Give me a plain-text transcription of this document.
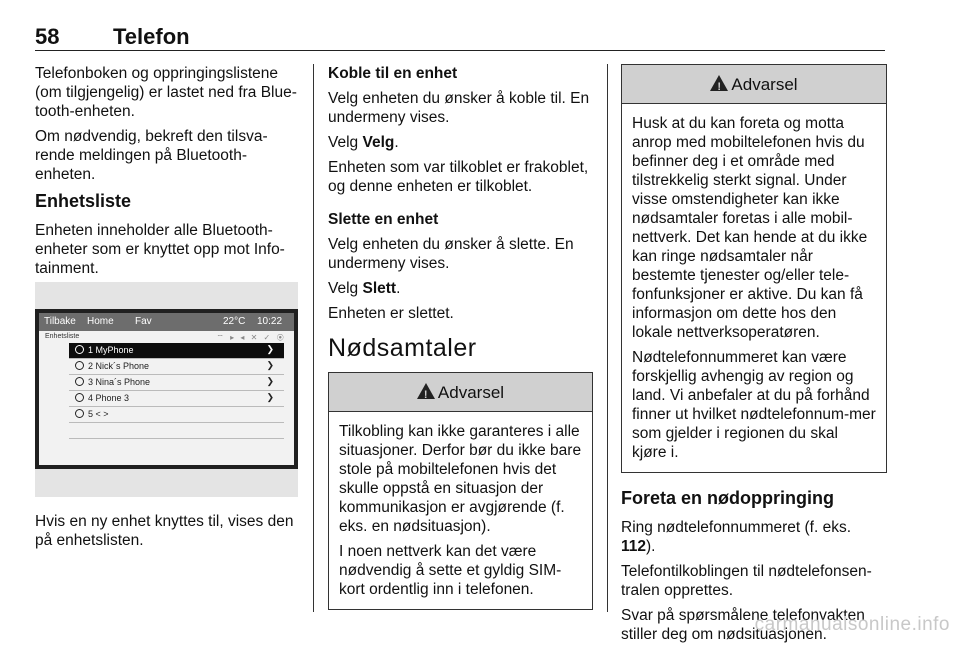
58 Telefon

Telefonboken og oppringingslistene (om tilgjengelig) er lastet ned fra Blue‐tooth-enheten.

Om nødvendig, bekreft den tilsva‐rende meldingen på Bluetooth-enheten.

Enhetsliste

Enheten inneholder alle Bluetooth-enheter som er knyttet opp mot Info‐tainment.

Tilbake Home Fav	22°C 10:22
Enhetsliste	⌔ ▸ ◂ ✕ ✓ ◉
1 MyPhone	❯
2 Nick´s Phone	❯
3 Nina´s Phone	❯
4 Phone 3	❯
5 < >

Hvis en ny enhet knyttes til, vises den på enhetslisten.

Koble til en enhet

Velg enheten du ønsker å koble til. En undermeny vises.

Velg Velg.

Enheten som var tilkoblet er frakoblet, og denne enheten er tilkoblet.

Slette en enhet

Velg enheten du ønsker å slette. En undermeny vises.

Velg Slett.

Enheten er slettet.

Nødsamtaler
!
Advarsel

Tilkobling kan ikke garanteres i alle situasjoner. Derfor bør du ikke bare stole på mobiltelefonen hvis det skulle oppstå en situasjon der kommunikasjon er avgjørende (f. eks. en nødsituasjon).

I noen nettverk kan det være nødvendig å sette et gyldig SIM-kort ordentlig inn i telefonen.

!
Advarsel

Husk at du kan foreta og motta anrop med mobiltelefonen hvis du befinner deg i et område med tilstrekkelig sterkt signal. Under visse omstendigheter kan ikke nødsamtaler foretas i alle mobil-nettverk. Det kan hende at du ikke kan ringe nødsamtaler når bestemte tjenester og/eller tele-fonfunksjoner er aktive. Du kan få informasjon om dette hos den lokale nettverksoperatøren.

Nødtelefonnummeret kan være forskjellig avhengig av region og land. Vi anbefaler at du på forhånd finner ut hvilket nødtelefonnum-mer som gjelder i regionen du skal kjøre i.

Foreta en nødoppringing

Ring nødtelefonnummeret (f. eks. 112).

Telefontilkoblingen til nødtelefonsen-tralen opprettes.

Svar på spørsmålene telefonvakten stiller deg om nødsituasjonen.

carmanualsonline.info
